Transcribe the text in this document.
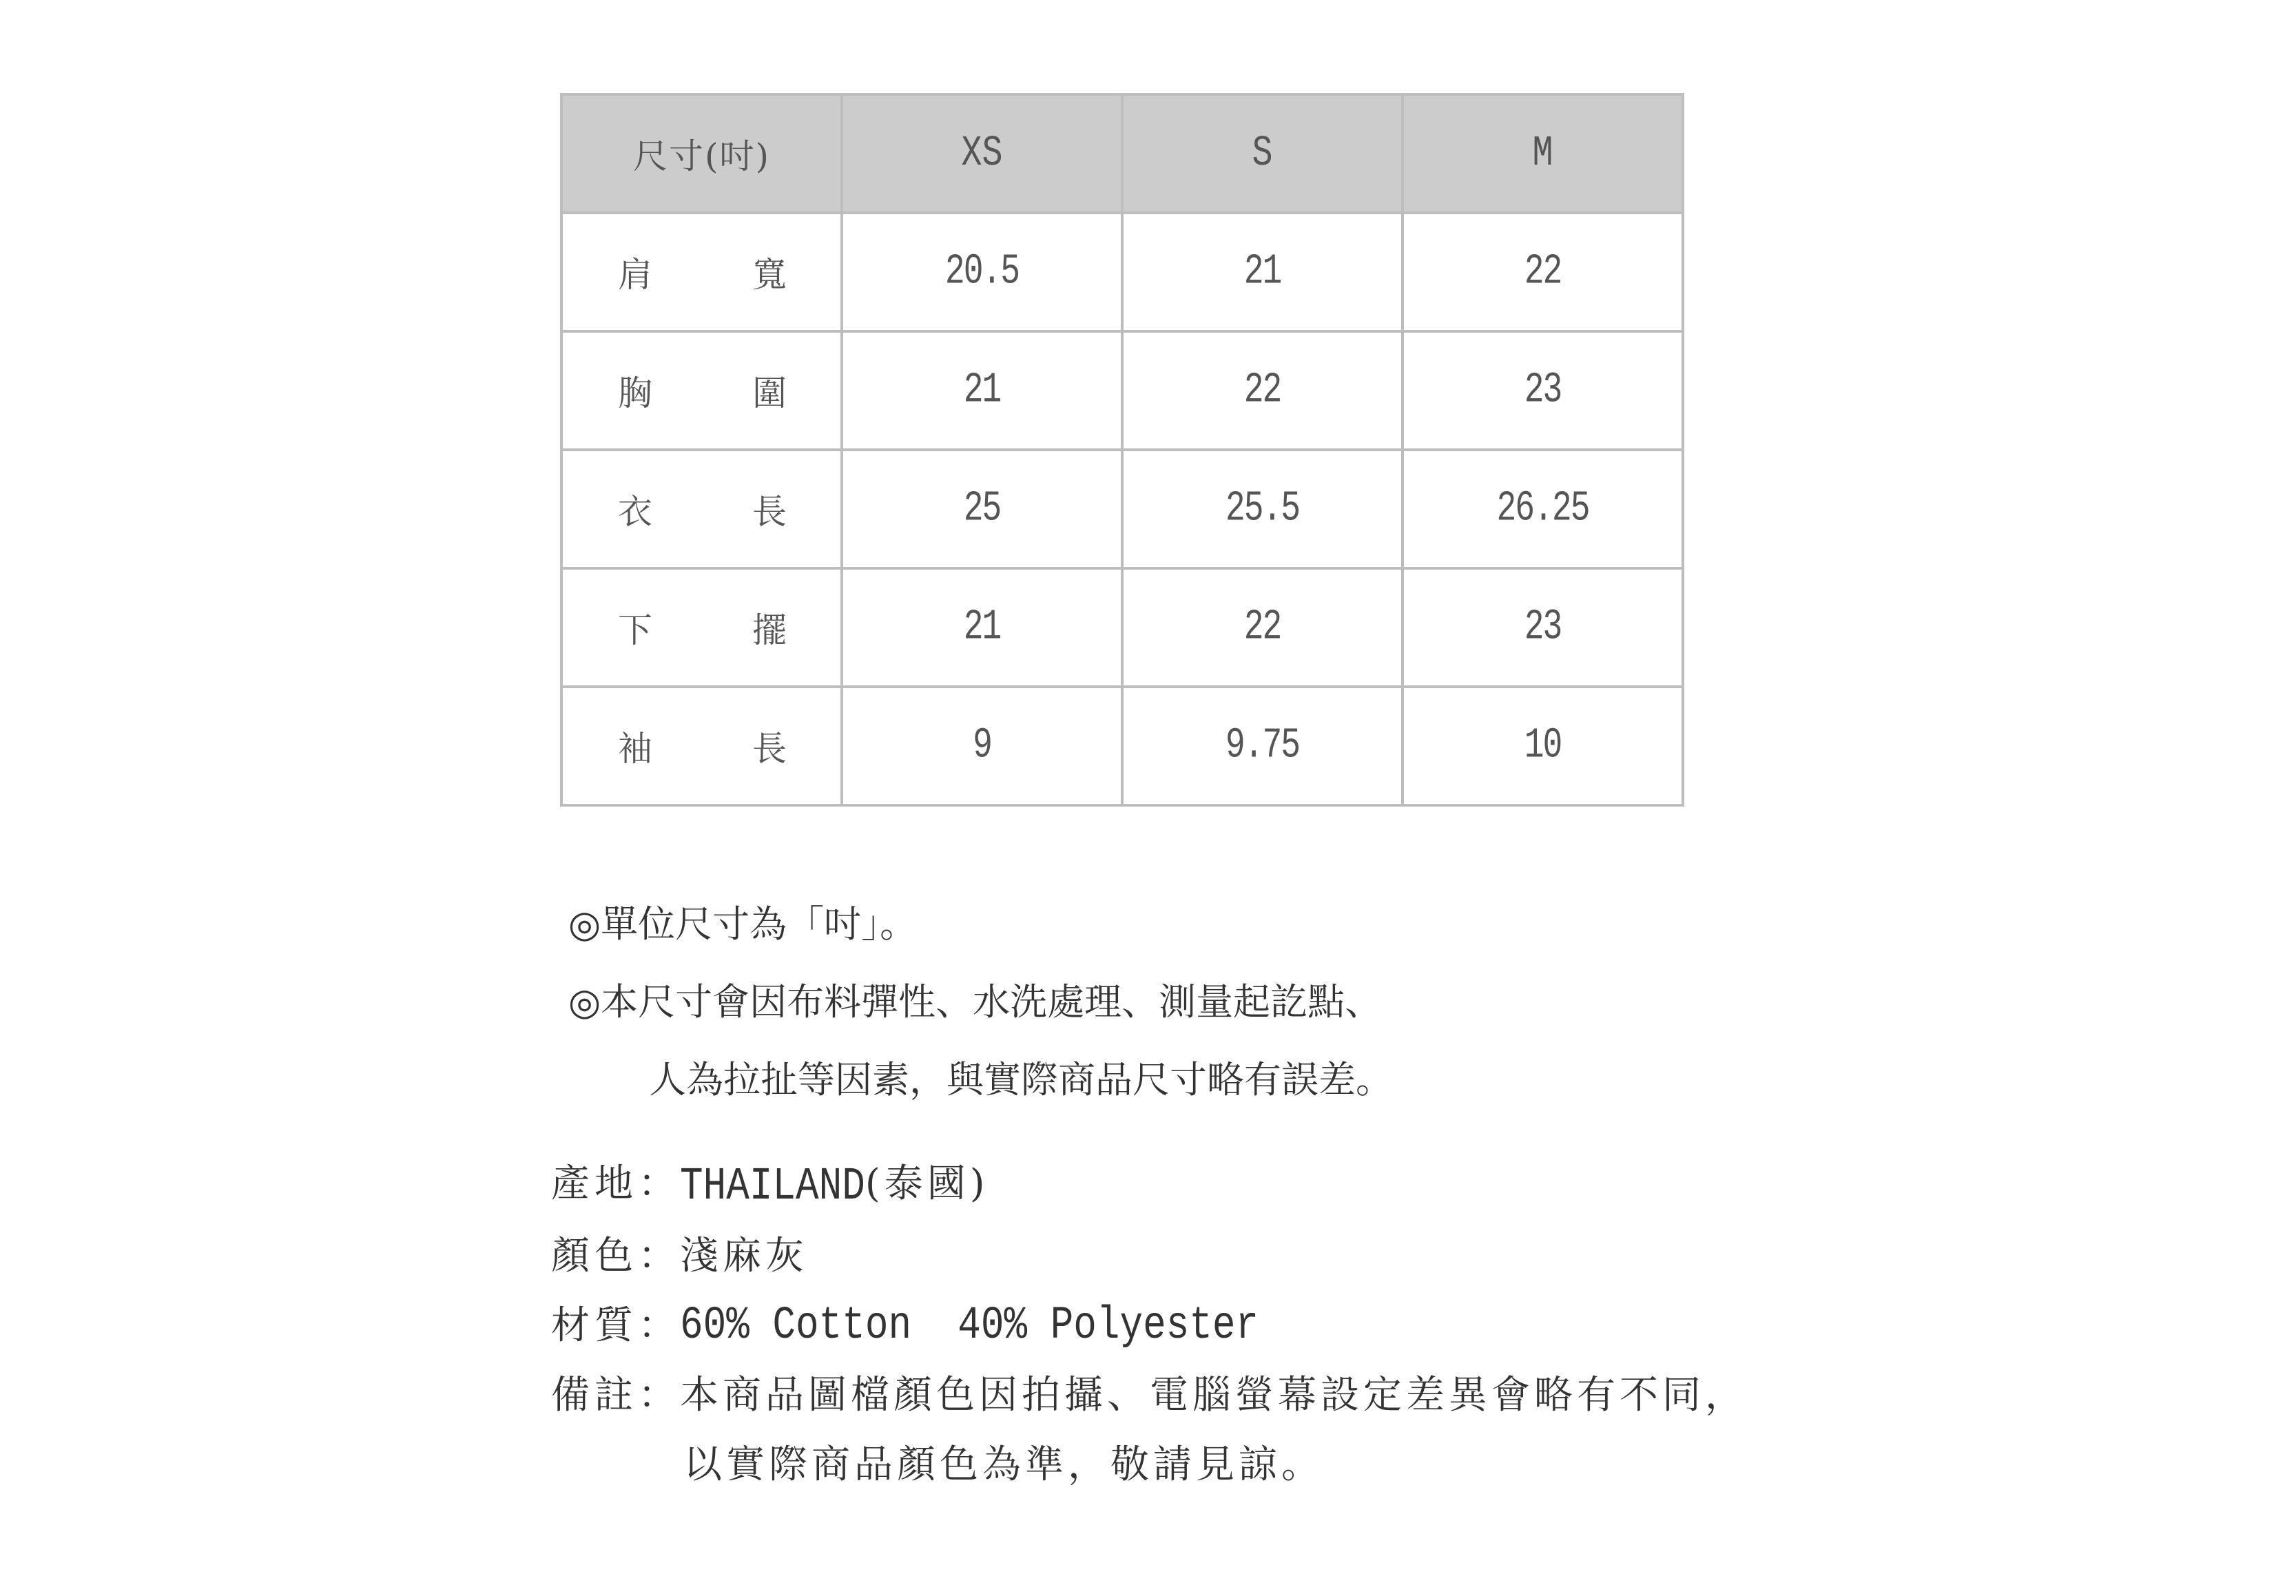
尺寸(吋)	XS	S	M

肩 寬	20.5	21	22

胸 圍	21	22	23

衣 長	25	25.5	26.25

下 擺	21	22	23

袖 長	9	9.75	10
◎單位尺寸為「吋」。
◎本尺寸會因布料彈性、水洗處理、測量起訖點、
人為拉扯等因素，與實際商品尺寸略有誤差。
產地：
THAILAND(泰國)
顏色：
淺麻灰
材質：
60% Cotton  40% Polyester
備註：
本商品圖檔顏色因拍攝、電腦螢幕設定差異會略有不同，
以實際商品顏色為準，敬請見諒。
